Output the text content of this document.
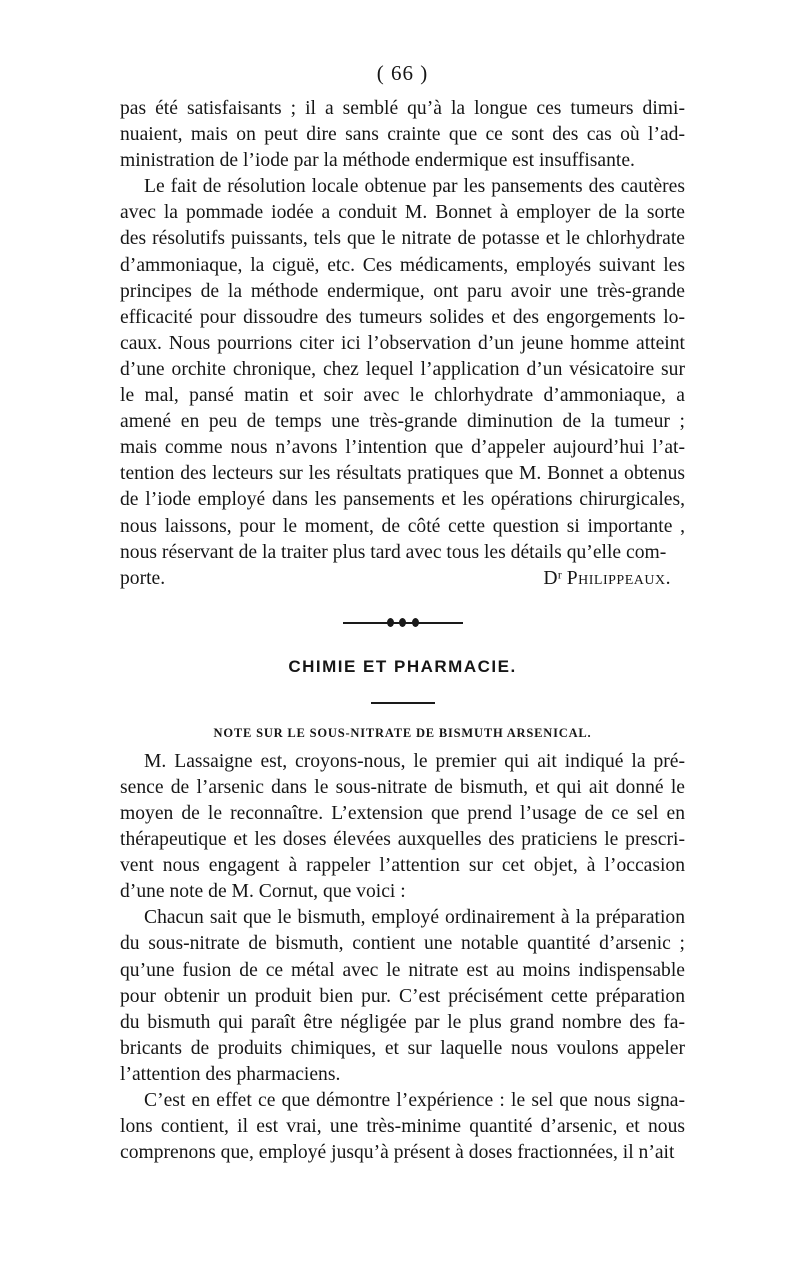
( 66 )
pas été satisfaisants ; il a semblé qu’à la longue ces tumeurs dimi-
nuaient, mais on peut dire sans crainte que ce sont des cas où l’ad-
ministration de l’iode par la méthode endermique est insuffisante.
Le fait de résolution locale obtenue par les pansements des cautères
avec la pommade iodée a conduit M. Bonnet à employer de la sorte
des résolutifs puissants, tels que le nitrate de potasse et le chlorhydrate
d’ammoniaque, la ciguë, etc. Ces médicaments, employés suivant les
principes de la méthode endermique, ont paru avoir une très-grande
efficacité pour dissoudre des tumeurs solides et des engorgements lo-
caux. Nous pourrions citer ici l’observation d’un jeune homme atteint
d’une orchite chronique, chez lequel l’application d’un vésicatoire sur
le mal, pansé matin et soir avec le chlorhydrate d’ammoniaque, a
amené en peu de temps une très-grande diminution de la tumeur ;
mais comme nous n’avons l’intention que d’appeler aujourd’hui l’at-
tention des lecteurs sur les résultats pratiques que M. Bonnet a obtenus
de l’iode employé dans les pansements et les opérations chirurgicales,
nous laissons, pour le moment, de côté cette question si importante ,
nous réservant de la traiter plus tard avec tous les détails qu’elle com-
porte.	Dʳ Philippeaux.
CHIMIE ET PHARMACIE.
NOTE SUR LE SOUS-NITRATE DE BISMUTH ARSENICAL.
M. Lassaigne est, croyons-nous, le premier qui ait indiqué la pré-
sence de l’arsenic dans le sous-nitrate de bismuth, et qui ait donné le
moyen de le reconnaître. L’extension que prend l’usage de ce sel en
thérapeutique et les doses élevées auxquelles des praticiens le prescri-
vent nous engagent à rappeler l’attention sur cet objet, à l’occasion
d’une note de M. Cornut, que voici :
Chacun sait que le bismuth, employé ordinairement à la préparation
du sous-nitrate de bismuth, contient une notable quantité d’arsenic ;
qu’une fusion de ce métal avec le nitrate est au moins indispensable
pour obtenir un produit bien pur. C’est précisément cette préparation
du bismuth qui paraît être négligée par le plus grand nombre des fa-
bricants de produits chimiques, et sur laquelle nous voulons appeler
l’attention des pharmaciens.
C’est en effet ce que démontre l’expérience : le sel que nous signa-
lons contient, il est vrai, une très-minime quantité d’arsenic, et nous
comprenons que, employé jusqu’à présent à doses fractionnées, il n’ait
